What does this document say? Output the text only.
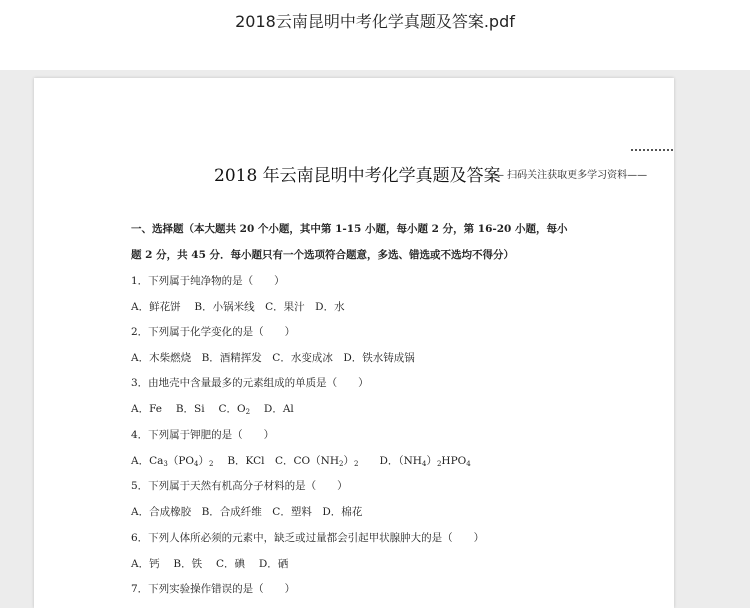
2018云南昆明中考化学真题及答案.pdf
2018 年云南昆明中考化学真题及答案
— 扫码关注获取更多学习资料——
一、选择题（本大题共 20 个小题，其中第 1-15 小题，每小题 2 分，第 16-20 小题，每小
题 2 分，共 45 分．每小题只有一个选项符合题意，多选、错选或不选均不得分）
1．下列属于纯净物的是（　　）
A．鲜花饼　 B．小锅米线　C．果汁　D．水
2．下列属于化学变化的是（　　）
A．木柴燃烧　B．酒精挥发　C．水变成冰　D．铁水铸成锅
3．由地壳中含量最多的元素组成的单质是（　　）
A．Fe　 B．Si　 C．O2　 D．Al
4．下列属于钾肥的是（　　）
A．Ca3（PO4）2　 B．KCl　C．CO（NH2）2　　D．（NH4）2HPO4
5．下列属于天然有机高分子材料的是（　　）
A．合成橡胶　B．合成纤维　C．塑料　D．棉花
6．下列人体所必须的元素中，缺乏或过量都会引起甲状腺肿大的是（　　）
A．钙　 B．铁　 C．碘　 D．硒
7．下列实验操作错误的是（　　）
